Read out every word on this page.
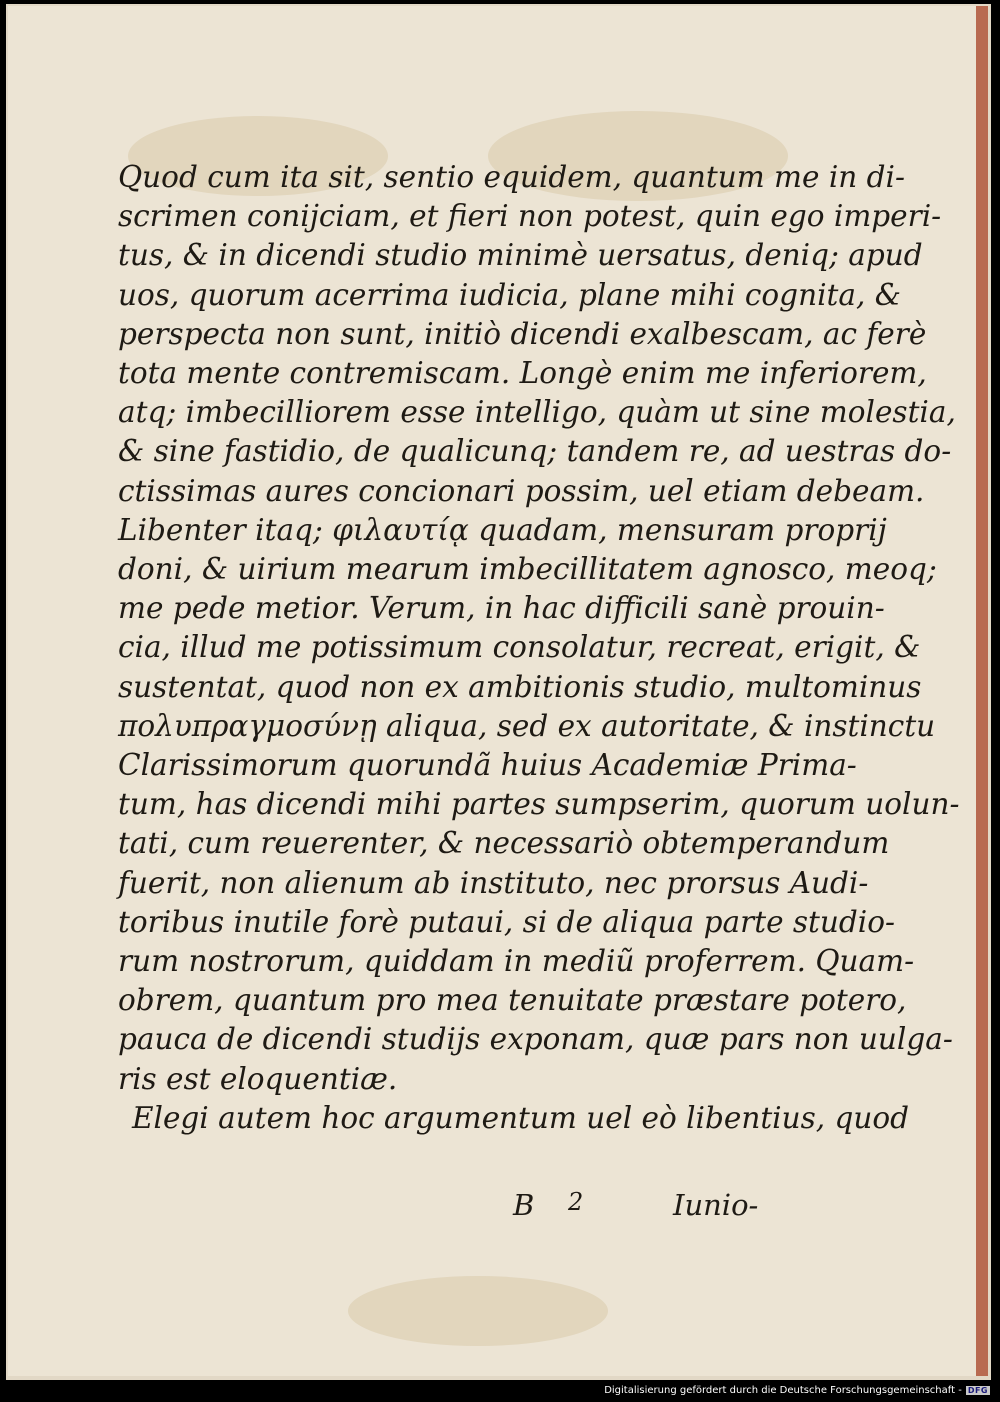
Quod cum ita sit, sentio equidem, quantum me in di-
scrimen conijciam, et fieri non potest, quin ego imperi-
tus, & in dicendi studio minimè uersatus, deniq; apud
uos, quorum acerrima iudicia, plane mihi cognita, &
perspecta non sunt, initiò dicendi exalbescam, ac ferè
tota mente contremiscam. Longè enim me inferiorem,
atq; imbecilliorem esse intelligo, quàm ut sine molestia,
& sine fastidio, de qualicunq; tandem re, ad uestras do-
ctissimas aures concionari possim, uel etiam debeam.
Libenter itaq; φιλαυτίᾳ quadam, mensuram proprij
doni, & uirium mearum imbecillitatem agnosco, meoq;
me pede metior. Verum, in hac difficili sanè prouin-
cia, illud me potissimum consolatur, recreat, erigit, &
sustentat, quod non ex ambitionis studio, multominus
πολυπραγμοσύνῃ aliqua, sed ex autoritate, & instinctu
Clarissimorum quorundã huius Academiæ Prima-
tum, has dicendi mihi partes sumpserim, quorum uolun-
tati, cum reuerenter, & necessariò obtemperandum
fuerit, non alienum ab instituto, nec prorsus Audi-
toribus inutile forè putaui, si de aliqua parte studio-
rum nostrorum, quiddam in mediũ proferrem. Quam-
obrem, quantum pro mea tenuitate præstare potero,
pauca de dicendi studijs exponam, quæ pars non uulga-
ris est eloquentiæ.
Elegi autem hoc argumentum uel eò libentius, quod
B 2	Iunio-
Digitalisierung gefördert durch die Deutsche Forschungsgemeinschaft - DFG
